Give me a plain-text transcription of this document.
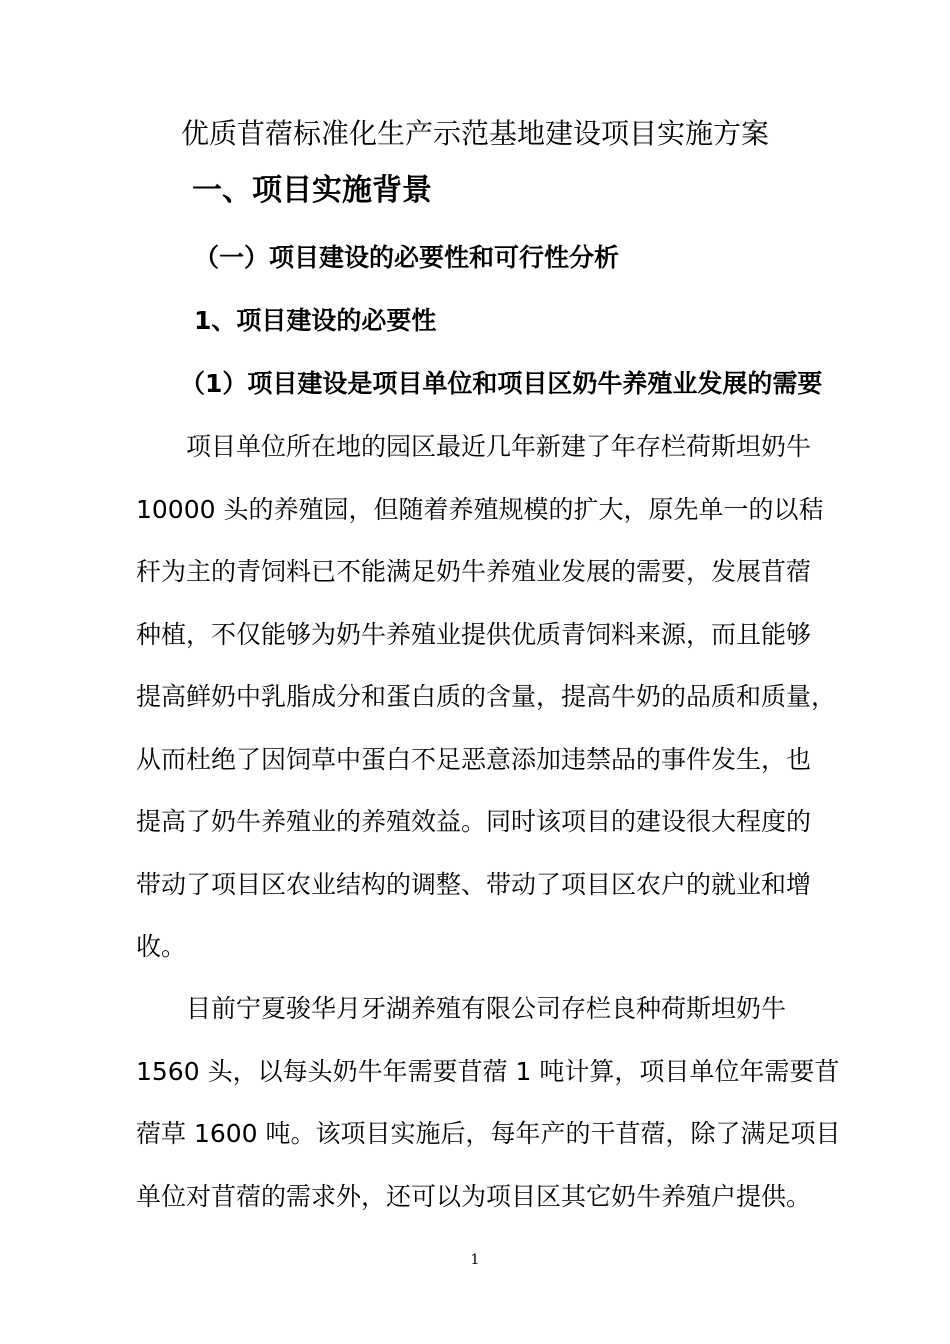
优质苜蓿标准化生产示范基地建设项目实施方案
一、项目实施背景
（一）项目建设的必要性和可行性分析
1、项目建设的必要性
（1）项目建设是项目单位和项目区奶牛养殖业发展的需要
项目单位所在地的园区最近几年新建了年存栏荷斯坦奶牛
10000 头的养殖园，但随着养殖规模的扩大，原先单一的以秸
秆为主的青饲料已不能满足奶牛养殖业发展的需要，发展苜蓿
种植，不仅能够为奶牛养殖业提供优质青饲料来源，而且能够
提高鲜奶中乳脂成分和蛋白质的含量，提高牛奶的品质和质量，
从而杜绝了因饲草中蛋白不足恶意添加违禁品的事件发生，也
提高了奶牛养殖业的养殖效益。同时该项目的建设很大程度的
带动了项目区农业结构的调整、带动了项目区农户的就业和增
收。
目前宁夏骏华月牙湖养殖有限公司存栏良种荷斯坦奶牛
1560 头，以每头奶牛年需要苜蓿 1 吨计算，项目单位年需要苜
蓿草 1600 吨。该项目实施后，每年产的干苜蓿，除了满足项目
单位对苜蓿的需求外，还可以为项目区其它奶牛养殖户提供。
1
